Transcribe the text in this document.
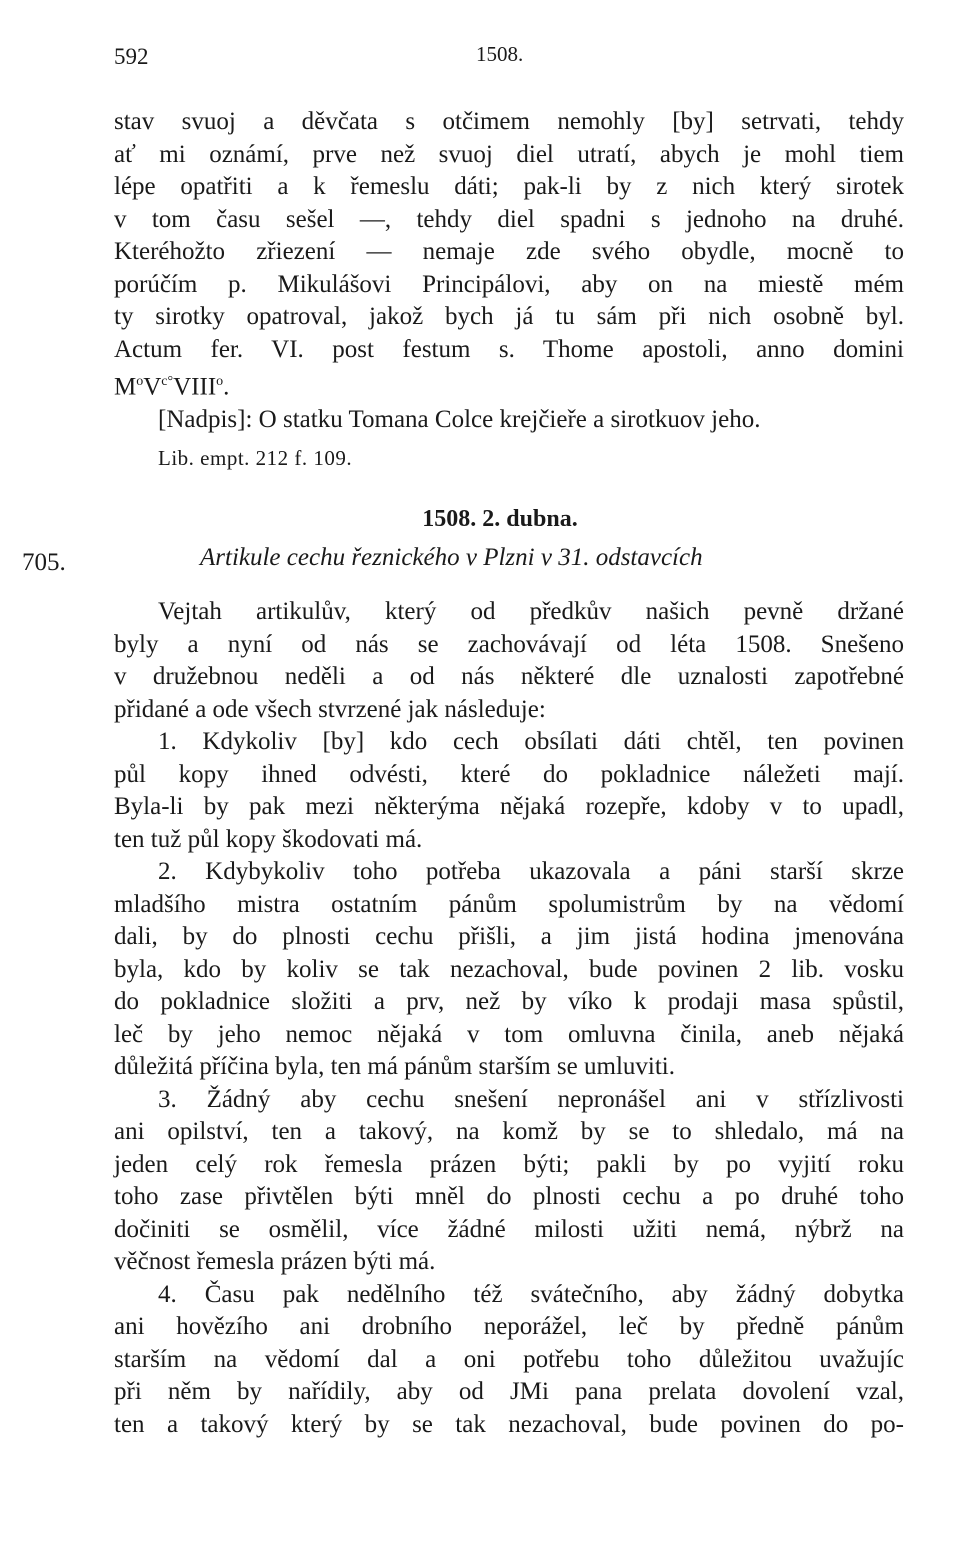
592	1508.
stav svuoj a děvčata s otčimem nemohly [by] setrvati, tehdy
ať mi oznámí, prve než svuoj diel utratí, abych je mohl tiem
lépe opatřiti a k řemeslu dáti; pak-li by z nich který sirotek
v tom času sešel —, tehdy diel spadni s jednoho na druhé.
Kteréhožto zřiezení — nemaje zde svého obydle, mocně to
porúčím p. Mikulášovi Principálovi, aby on na miestě mém
ty sirotky opatroval, jakož bych já tu sám při nich osobně byl.
Actum fer. VI. post festum s. Thome apostoli, anno domini
$M^oV^{c^\circ}VIII^o$.
[Nadpis]: O statku Tomana Colce krejčieře a sirotkuov jeho.
Lib. empt. 212 f. 109.
1508. 2. dubna.
705.	Artikule cechu řeznického v Plzni v 31. odstavcích
Vejtah artikulův, který od předkův našich pevně držané
byly a nyní od nás se zachovávají od léta 1508. Snešeno
v družebnou neděli a od nás některé dle uznalosti zapotřebné
přidané a ode všech stvrzené jak následuje:
1. Kdykoliv [by] kdo cech obsílati dáti chtěl, ten povinen
půl kopy ihned odvésti, které do pokladnice náležeti mají.
Byla-li by pak mezi některýma nějaká rozepře, kdoby v to upadl,
ten tuž půl kopy škodovati má.
2. Kdybykoliv toho potřeba ukazovala a páni starší skrze
mladšího mistra ostatním pánům spolumistrům by na vědomí
dali, by do plnosti cechu přišli, a jim jistá hodina jmenována
byla, kdo by koliv se tak nezachoval, bude povinen 2 lib. vosku
do pokladnice složiti a prv, než by víko k prodaji masa spůstil,
leč by jeho nemoc nějaká v tom omluvna činila, aneb nějaká
důležitá příčina byla, ten má pánům starším se umluviti.
3. Žádný aby cechu snešení nepronášel ani v střízlivosti
ani opilství, ten a takový, na komž by se to shledalo, má na
jeden celý rok řemesla prázen býti; pakli by po vyjití roku
toho zase přivtělen býti mněl do plnosti cechu a po druhé toho
dočiniti se osmělil, více žádné milosti užiti nemá, nýbrž na
věčnost řemesla prázen býti má.
4. Času pak nedělního též svátečního, aby žádný dobytka
ani hovězího ani drobního neporážel, leč by předně pánům
starším na vědomí dal a oni potřebu toho důležitou uvažujíc
při něm by nařídily, aby od JMi pana prelata dovolení vzal,
ten a takový který by se tak nezachoval, bude povinen do po-
